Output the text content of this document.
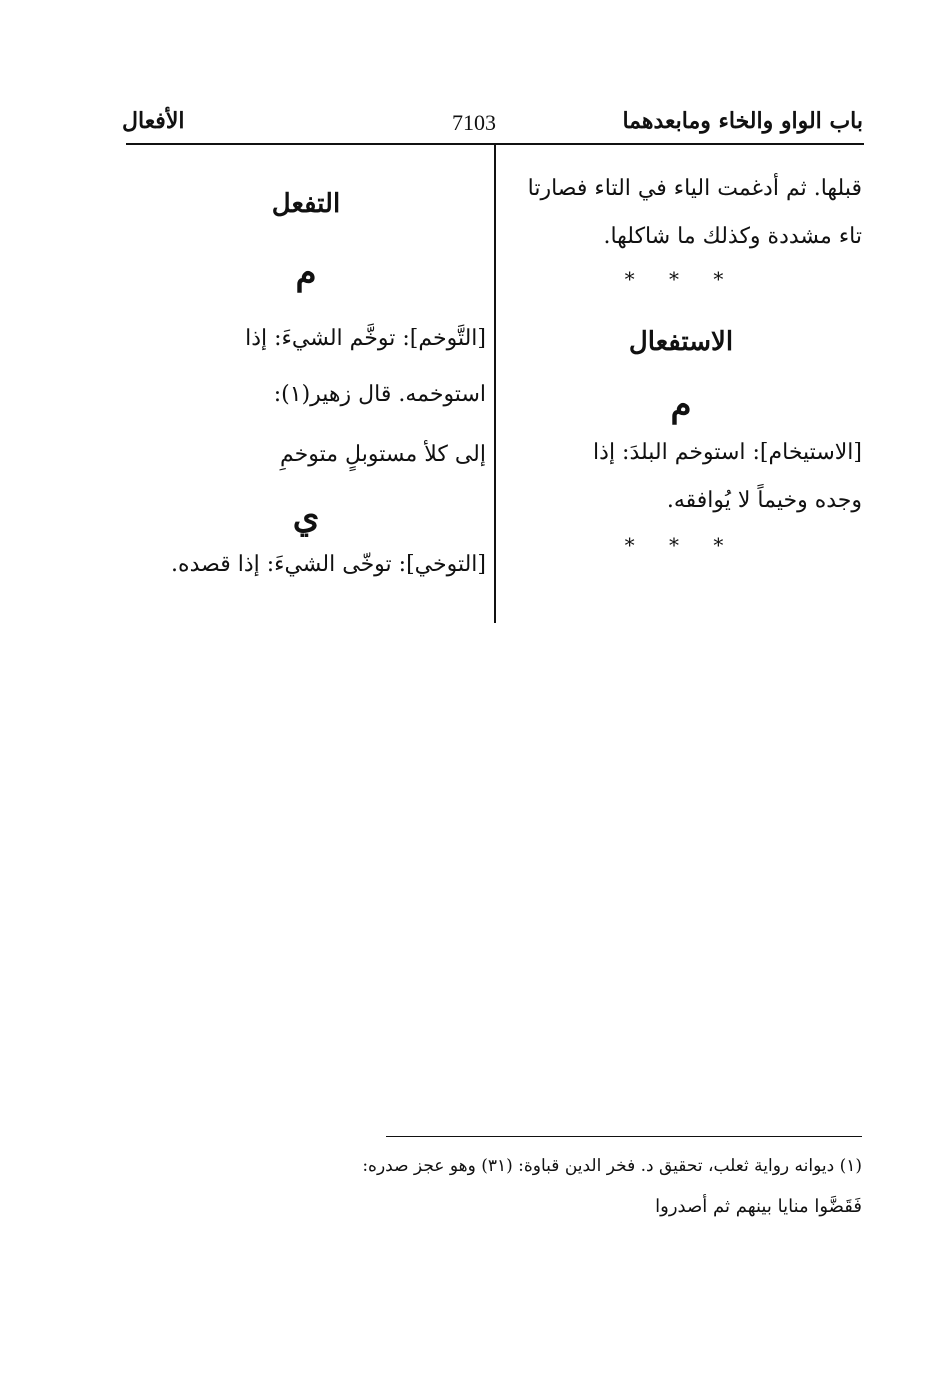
باب الواو والخاء ومابعدهما
7103
الأفعال
قبلها. ثم أدغمت الياء في التاء فصارتا
تاء مشددة وكذلك ما شاكلها.
* * *
الاستفعال
م
[الاستيخام]: استوخم البلدَ: إذا
وجده وخيماً لا يُوافقه.
* * *
التفعل
م
[التَّوخم]: توخَّم الشيءَ: إذا
استوخمه. قال زهير(١):
إلى كلأ مستوبلٍ متوخمِ
ي
[التوخي]: توخّى الشيءَ: إذا قصده.
(١) ديوانه رواية ثعلب، تحقيق د. فخر الدين قباوة: (٣١) وهو عجز صدره:
فَقَضَّوا منايا بينهم ثم أصدروا
